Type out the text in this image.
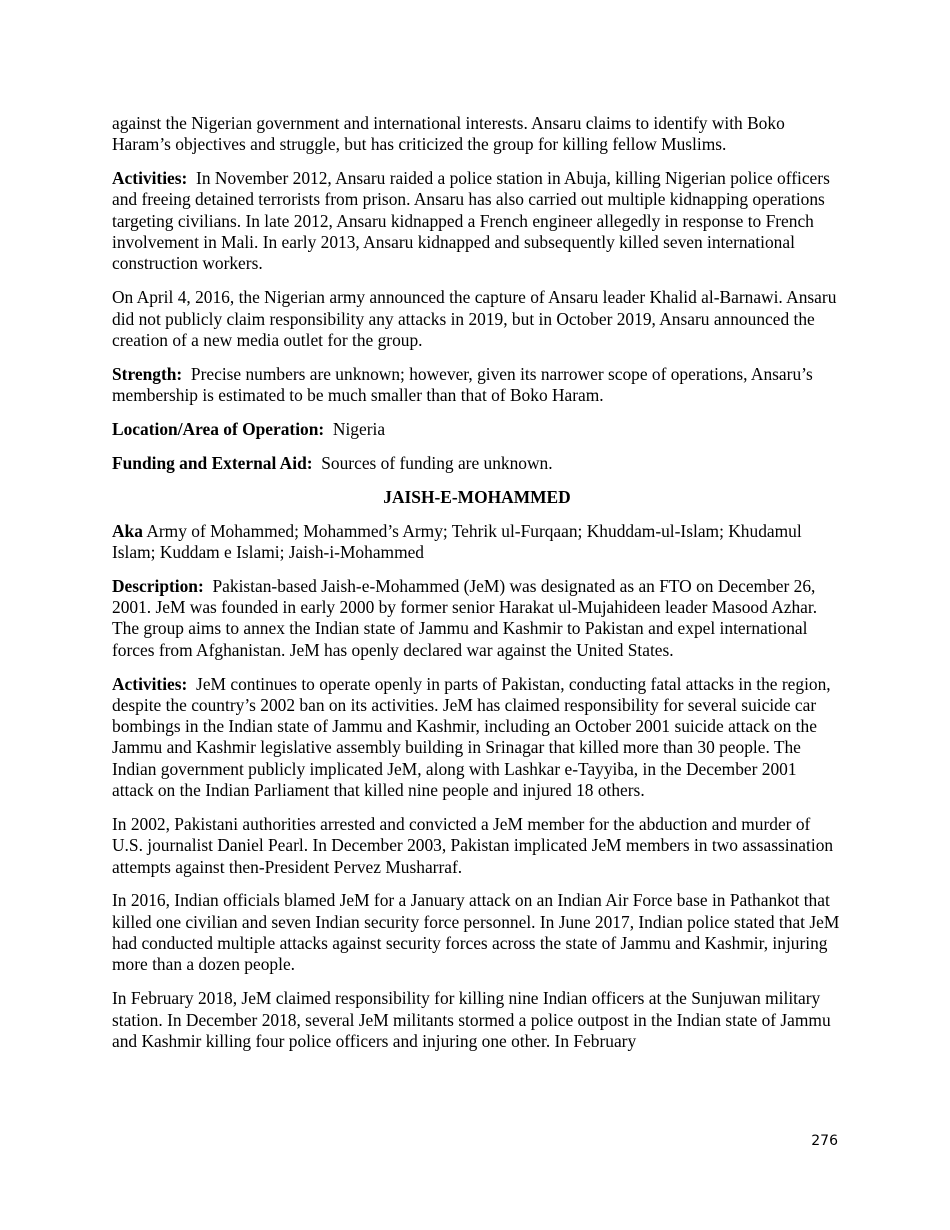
against the Nigerian government and international interests. Ansaru claims to identify with Boko Haram’s objectives and struggle, but has criticized the group for killing fellow Muslims.

Activities: In November 2012, Ansaru raided a police station in Abuja, killing Nigerian police officers and freeing detained terrorists from prison. Ansaru has also carried out multiple kidnapping operations targeting civilians. In late 2012, Ansaru kidnapped a French engineer allegedly in response to French involvement in Mali. In early 2013, Ansaru kidnapped and subsequently killed seven international construction workers.

On April 4, 2016, the Nigerian army announced the capture of Ansaru leader Khalid al-Barnawi. Ansaru did not publicly claim responsibility any attacks in 2019, but in October 2019, Ansaru announced the creation of a new media outlet for the group.

Strength: Precise numbers are unknown; however, given its narrower scope of operations, Ansaru’s membership is estimated to be much smaller than that of Boko Haram.

Location/Area of Operation: Nigeria

Funding and External Aid: Sources of funding are unknown.

JAISH-E-MOHAMMED

Aka Army of Mohammed; Mohammed’s Army; Tehrik ul-Furqaan; Khuddam-ul-Islam; Khudamul Islam; Kuddam e Islami; Jaish-i-Mohammed

Description: Pakistan-based Jaish-e-Mohammed (JeM) was designated as an FTO on December 26, 2001. JeM was founded in early 2000 by former senior Harakat ul-Mujahideen leader Masood Azhar. The group aims to annex the Indian state of Jammu and Kashmir to Pakistan and expel international forces from Afghanistan. JeM has openly declared war against the United States.

Activities: JeM continues to operate openly in parts of Pakistan, conducting fatal attacks in the region, despite the country’s 2002 ban on its activities. JeM has claimed responsibility for several suicide car bombings in the Indian state of Jammu and Kashmir, including an October 2001 suicide attack on the Jammu and Kashmir legislative assembly building in Srinagar that killed more than 30 people. The Indian government publicly implicated JeM, along with Lashkar e-Tayyiba, in the December 2001 attack on the Indian Parliament that killed nine people and injured 18 others.

In 2002, Pakistani authorities arrested and convicted a JeM member for the abduction and murder of U.S. journalist Daniel Pearl. In December 2003, Pakistan implicated JeM members in two assassination attempts against then-President Pervez Musharraf.

In 2016, Indian officials blamed JeM for a January attack on an Indian Air Force base in Pathankot that killed one civilian and seven Indian security force personnel. In June 2017, Indian police stated that JeM had conducted multiple attacks against security forces across the state of Jammu and Kashmir, injuring more than a dozen people.

In February 2018, JeM claimed responsibility for killing nine Indian officers at the Sunjuwan military station. In December 2018, several JeM militants stormed a police outpost in the Indian state of Jammu and Kashmir killing four police officers and injuring one other. In February

276
